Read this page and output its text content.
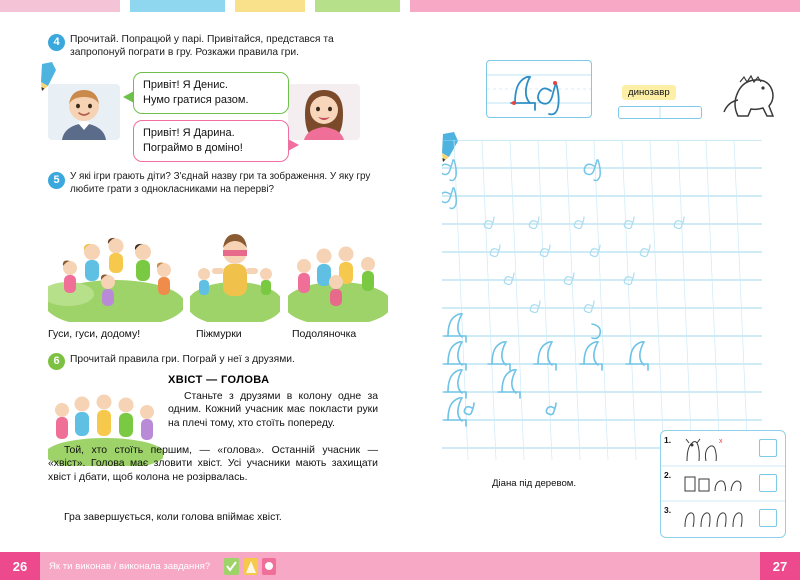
4	Прочитай. Попрацюй у парі. Привітайся, представся та запропонуй пограти в гру. Розкажи правила гри.
Привіт! Я Денис.
Нумо гратися разом.
Привіт! Я Дарина.
Пограймо в доміно!
5	У які ігри грають діти? З'єднай назву гри та зображення. У яку гру любите грати з однокласниками на перерві?
Гуси, гуси, додому!	Піжмурки	Подоляночка
6	Прочитай правила гри. Пограй у неї з друзями.
ХВІСТ — ГОЛОВА
Станьте з друзями в колону одне за одним. Кожний учасник має покласти руки на плечі тому, хто стоїть попереду.
Той, хто стоїть першим, — «голова». Останній учасник — «хвіст». Голова має зловити хвіст. Усі учасники мають захищати хвіст і дбати, щоб колона не розірвалась.
Гра завершується, коли голова впіймає хвіст.
динозавр
Діана під деревом.
x
1.
2.
3.
26	Як ти виконав / виконала завдання?	27
